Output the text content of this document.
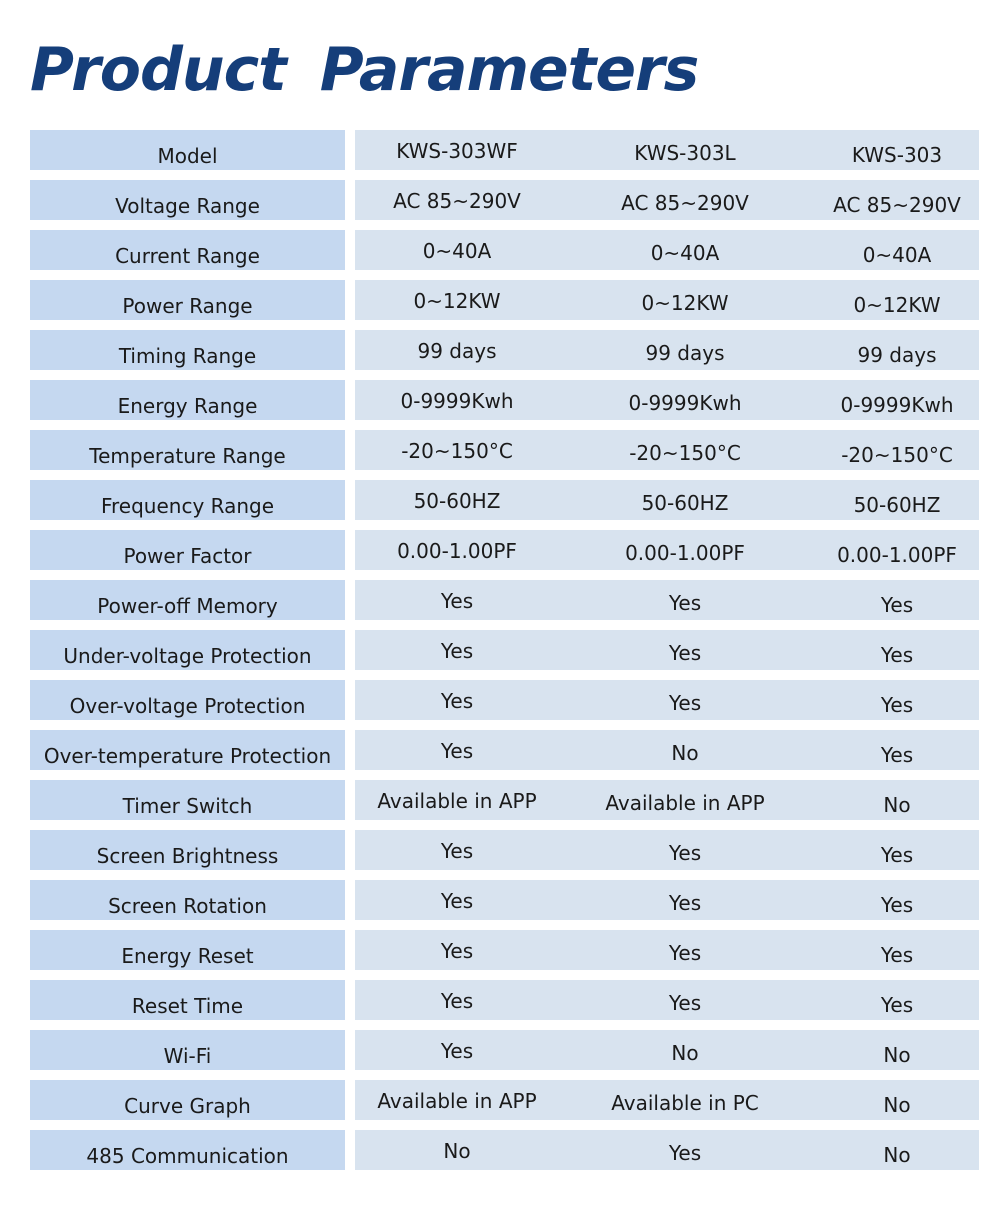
Product Parameters
Model	KWS-303WF	KWS-303L	KWS-303
Voltage Range	AC 85~290V	AC 85~290V	AC 85~290V
Current Range	0~40A	0~40A	0~40A
Power Range	0~12KW	0~12KW	0~12KW
Timing Range	99 days	99 days	99 days
Energy Range	0-9999Kwh	0-9999Kwh	0-9999Kwh
Temperature Range	-20~150°C	-20~150°C	-20~150°C
Frequency Range	50-60HZ	50-60HZ	50-60HZ
Power Factor	0.00-1.00PF	0.00-1.00PF	0.00-1.00PF
Power-off Memory	Yes	Yes	Yes
Under-voltage Protection	Yes	Yes	Yes
Over-voltage Protection	Yes	Yes	Yes
Over-temperature Protection	Yes	No	Yes
Timer Switch	Available in APP	Available in APP	No
Screen Brightness	Yes	Yes	Yes
Screen Rotation	Yes	Yes	Yes
Energy Reset	Yes	Yes	Yes
Reset Time	Yes	Yes	Yes
Wi-Fi	Yes	No	No
Curve Graph	Available in APP	Available in PC	No
485 Communication	No	Yes	No
